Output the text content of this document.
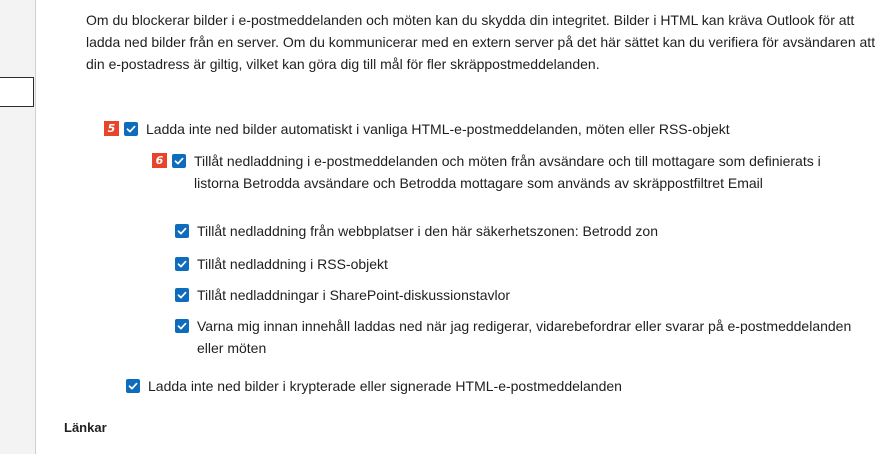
Om du blockerar bilder i e-postmeddelanden och möten kan du skydda din integritet. Bilder i HTML kan kräva Outlook för att ladda ned bilder från en server. Om du kommunicerar med en extern server på det här sättet kan du verifiera för avsändaren att din e-postadress är giltig, vilket kan göra dig till mål för fler skräppostmeddelanden.
5 Ladda inte ned bilder automatiskt i vanliga HTML-e-postmeddelanden, möten eller RSS-objekt
6 Tillåt nedladdning i e-postmeddelanden och möten från avsändare och till mottagare som definierats i listorna Betrodda avsändare och Betrodda mottagare som används av skräppostfiltret Email
Tillåt nedladdning från webbplatser i den här säkerhetszonen: Betrodd zon
Tillåt nedladdning i RSS-objekt
Tillåt nedladdningar i SharePoint-diskussionstavlor
Varna mig innan innehåll laddas ned när jag redigerar, vidarebefordrar eller svarar på e-postmeddelanden eller möten
Ladda inte ned bilder i krypterade eller signerade HTML-e-postmeddelanden
Länkar
